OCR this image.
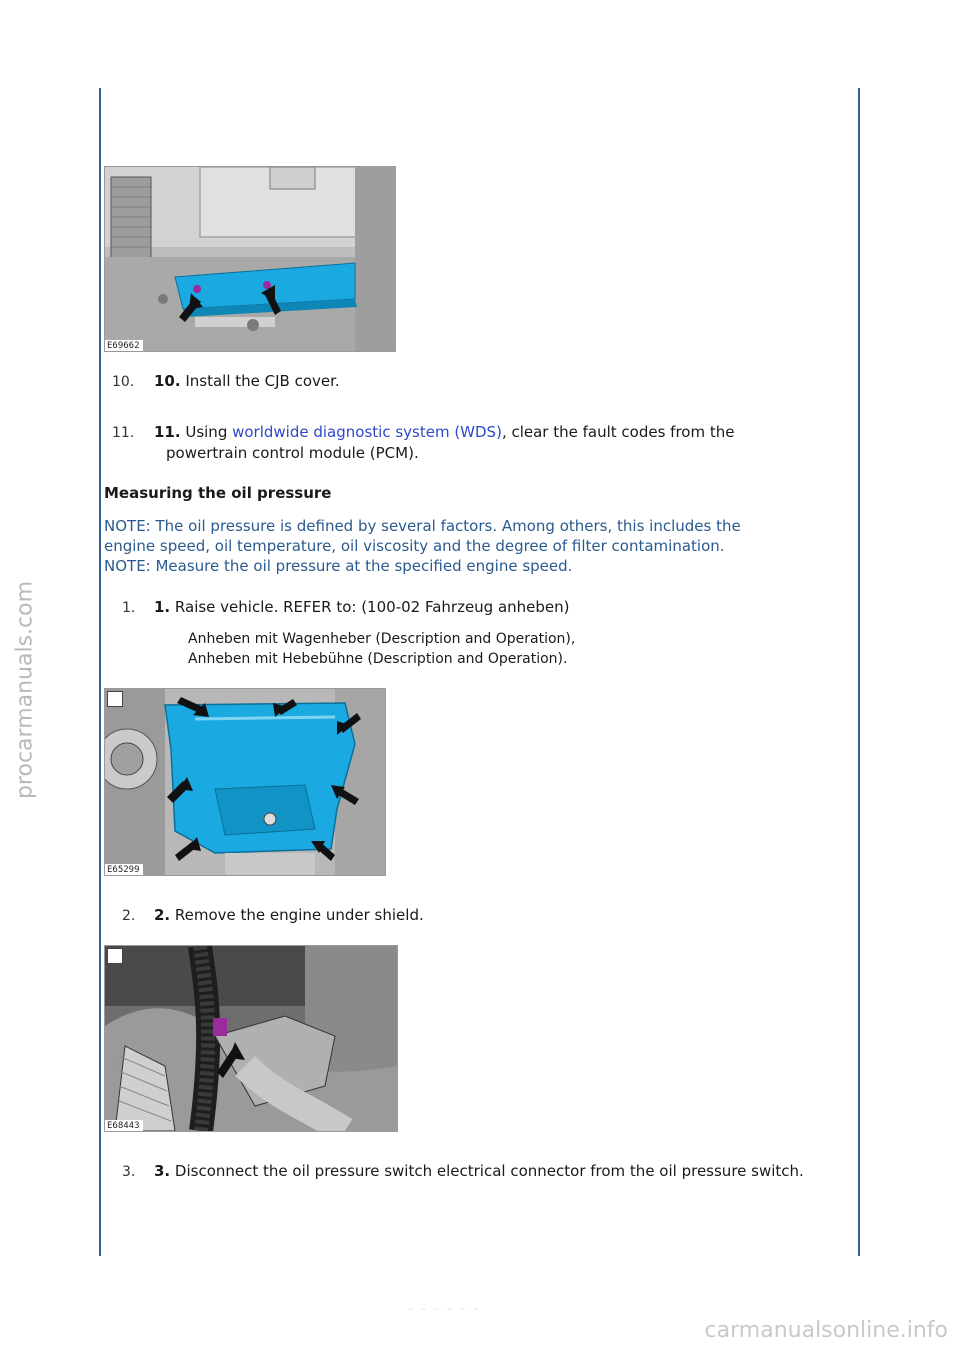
procarmanuals.com
E69662
10. 10. Install the CJB cover.
11. 11. Using worldwide diagnostic system (WDS), clear the fault codes from the
powertrain control module (PCM).
Measuring the oil pressure
NOTE: The oil pressure is defined by several factors. Among others, this includes the
engine speed, oil temperature, oil viscosity and the degree of filter contamination.
NOTE: Measure the oil pressure at the specified engine speed.
1. 1. Raise vehicle. REFER to: (100-02 Fahrzeug anheben)
Anheben mit Wagenheber (Description and Operation),
Anheben mit Hebebühne (Description and Operation).
E65299
2. 2. Remove the engine under shield.
E68443
3. 3. Disconnect the oil pressure switch electrical connector from the oil pressure switch.
– – – – – –
carmanualsonline.info
